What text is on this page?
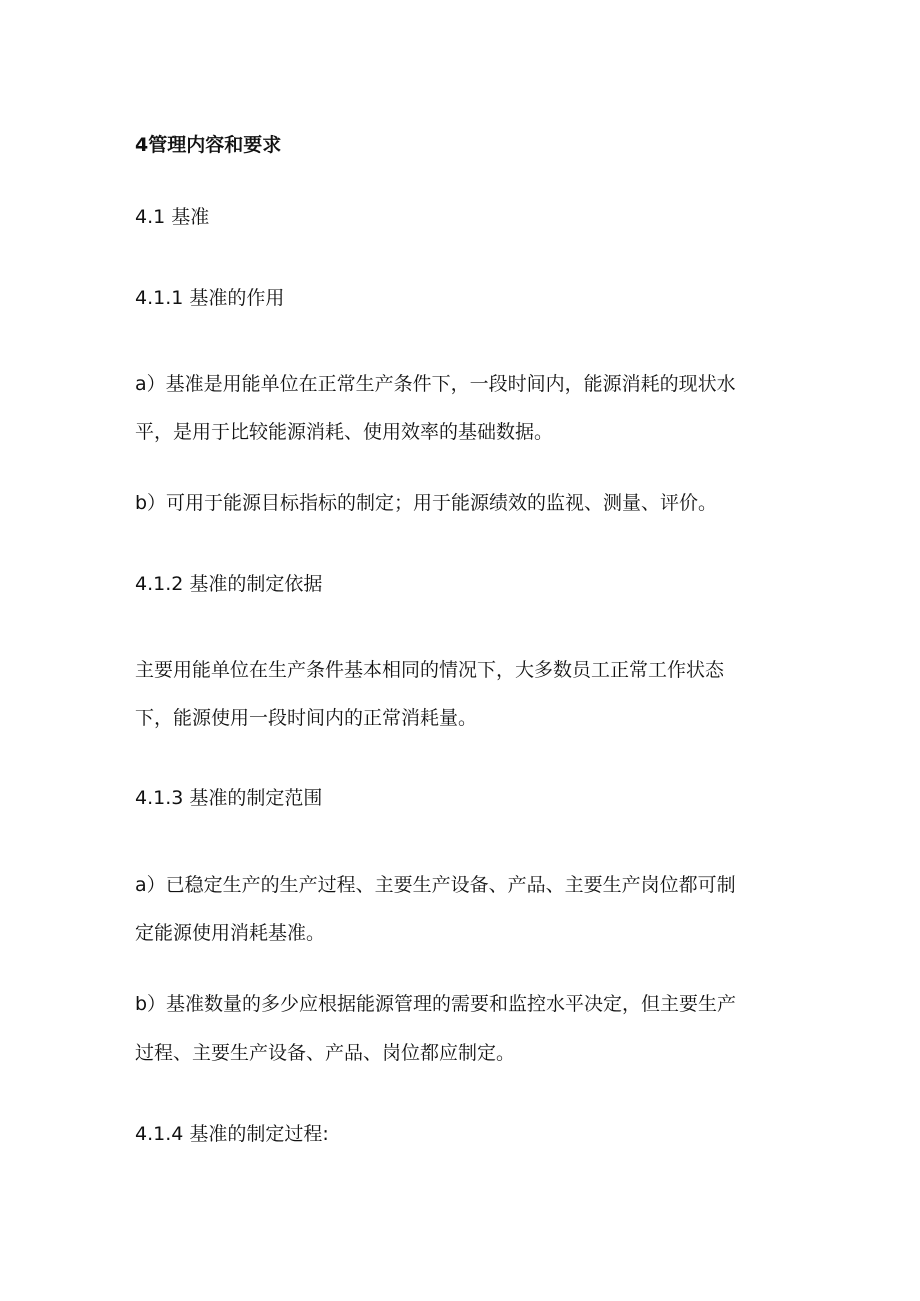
4管理内容和要求
4.1 基准
4.1.1 基准的作用
a）基准是用能单位在正常生产条件下，一段时间内，能源消耗的现状水
平，是用于比较能源消耗、使用效率的基础数据。
b）可用于能源目标指标的制定；用于能源绩效的监视、测量、评价。
4.1.2 基准的制定依据
主要用能单位在生产条件基本相同的情况下，大多数员工正常工作状态
下，能源使用一段时间内的正常消耗量。
4.1.3 基准的制定范围
a）已稳定生产的生产过程、主要生产设备、产品、主要生产岗位都可制
定能源使用消耗基准。
b）基准数量的多少应根据能源管理的需要和监控水平决定，但主要生产
过程、主要生产设备、产品、岗位都应制定。
4.1.4 基准的制定过程:
